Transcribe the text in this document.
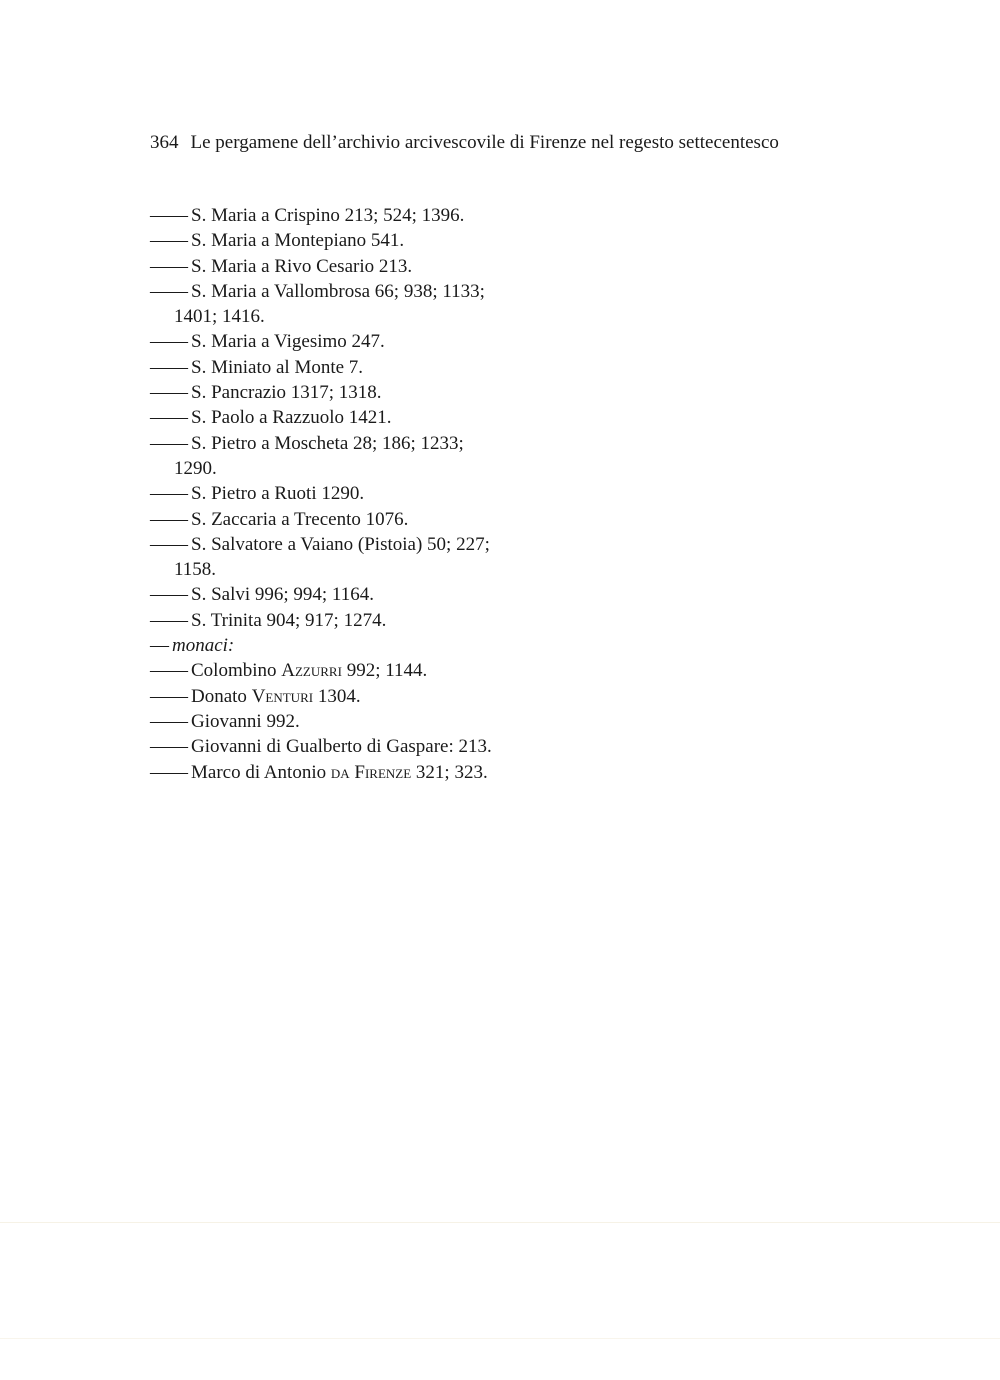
364 Le pergamene dell’archivio arcivescovile di Firenze nel regesto settecentesco
—— S. Maria a Crispino 213; 524; 1396.
—— S. Maria a Montepiano 541.
—— S. Maria a Rivo Cesario 213.
—— S. Maria a Vallombrosa 66; 938; 1133; 1401; 1416.
—— S. Maria a Vigesimo 247.
—— S. Miniato al Monte 7.
—— S. Pancrazio 1317; 1318.
—— S. Paolo a Razzuolo 1421.
—— S. Pietro a Moscheta 28; 186; 1233; 1290.
—— S. Pietro a Ruoti 1290.
—— S. Zaccaria a Trecento 1076.
—— S. Salvatore a Vaiano (Pistoia) 50; 227; 1158.
—— S. Salvi 996; 994; 1164.
—— S. Trinita 904; 917; 1274.
— monaci:
—— Colombino Azzurri 992; 1144.
—— Donato Venturi 1304.
—— Giovanni 992.
—— Giovanni di Gualberto di Gaspare: 213.
—— Marco di Antonio da Firenze 321; 323.
